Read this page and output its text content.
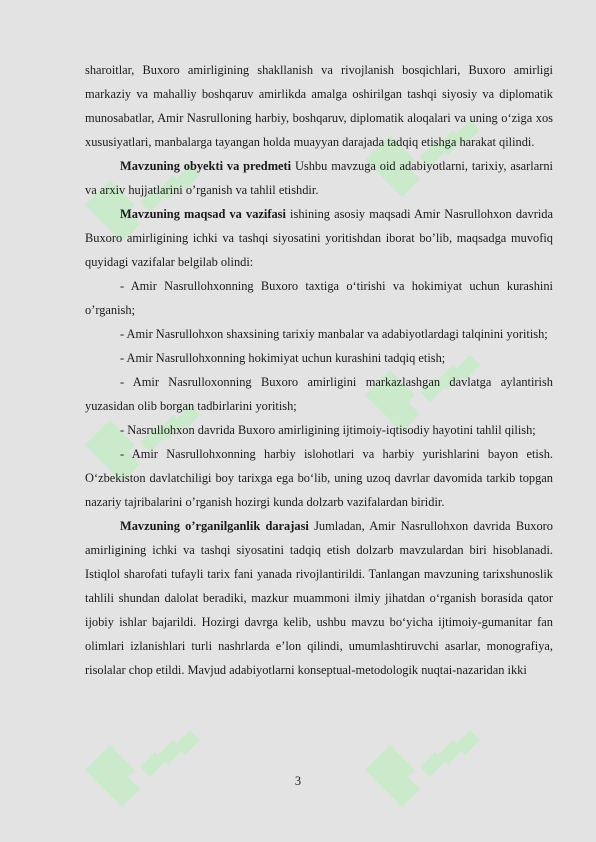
sharoitlar, Buxoro amirligining shakllanish va rivojlanish bosqichlari, Buxoro amirligi markaziy va mahalliy boshqaruv amirlikda amalga oshirilgan tashqi siyosiy va diplomatik munosabatlar, Amir Nasrulloning harbiy, boshqaruv, diplomatik aloqalari va uning o‘ziga xos xususiyatlari, manbalarga tayangan holda muayyan darajada tadqiq etishga harakat qilindi.

Mavzuning obyekti va predmeti Ushbu mavzuga oid adabiyotlarni, tarixiy, asarlarni va arxiv hujjatlarini o’rganish va tahlil etishdir.

Mavzuning maqsad va vazifasi ishining asosiy maqsadi Amir Nasrullohxon davrida Buxoro amirligining ichki va tashqi siyosatini yoritishdan iborat bo’lib, maqsadga muvofiq quyidagi vazifalar belgilab olindi:

- Amir Nasrullohxonning Buxoro taxtiga o‘tirishi va hokimiyat uchun kurashini o’rganish;

- Amir Nasrullohxon shaxsining tarixiy manbalar va adabiyotlardagi talqinini yoritish;

- Amir Nasrullohxonning hokimiyat uchun kurashini tadqiq etish;

- Amir Nasrulloxonning Buxoro amirligini markazlashgan davlatga aylantirish yuzasidan olib borgan tadbirlarini yoritish;

- Nasrullohxon davrida Buxoro amirligining ijtimoiy-iqtisodiy hayotini tahlil qilish;

- Amir Nasrullohxonning harbiy islohotlari va harbiy yurishlarini bayon etish. O‘zbekiston davlatchiligi boy tarixga ega bo‘lib, uning uzoq davrlar davomida tarkib topgan nazariy tajribalarini o’rganish hozirgi kunda dolzarb vazifalardan biridir.

Mavzuning o’rganilganlik darajasi Jumladan, Amir Nasrullohxon davrida Buxoro amirligining ichki va tashqi siyosatini tadqiq etish dolzarb mavzulardan biri hisoblanadi. Istiqlol sharofati tufayli tarix fani yanada rivojlantirildi. Tanlangan mavzuning tarixshunoslik tahlili shundan dalolat beradiki, mazkur muammoni ilmiy jihatdan o‘rganish borasida qator ijobiy ishlar bajarildi. Hozirgi davrga kelib, ushbu mavzu bo‘yicha ijtimoiy-gumanitar fan olimlari izlanishlari turli nashrlarda e’lon qilindi, umumlashtiruvchi asarlar, monografiya, risolalar chop etildi. Mavjud adabiyotlarni konseptual-metodologik nuqtai-nazaridan ikki

3
